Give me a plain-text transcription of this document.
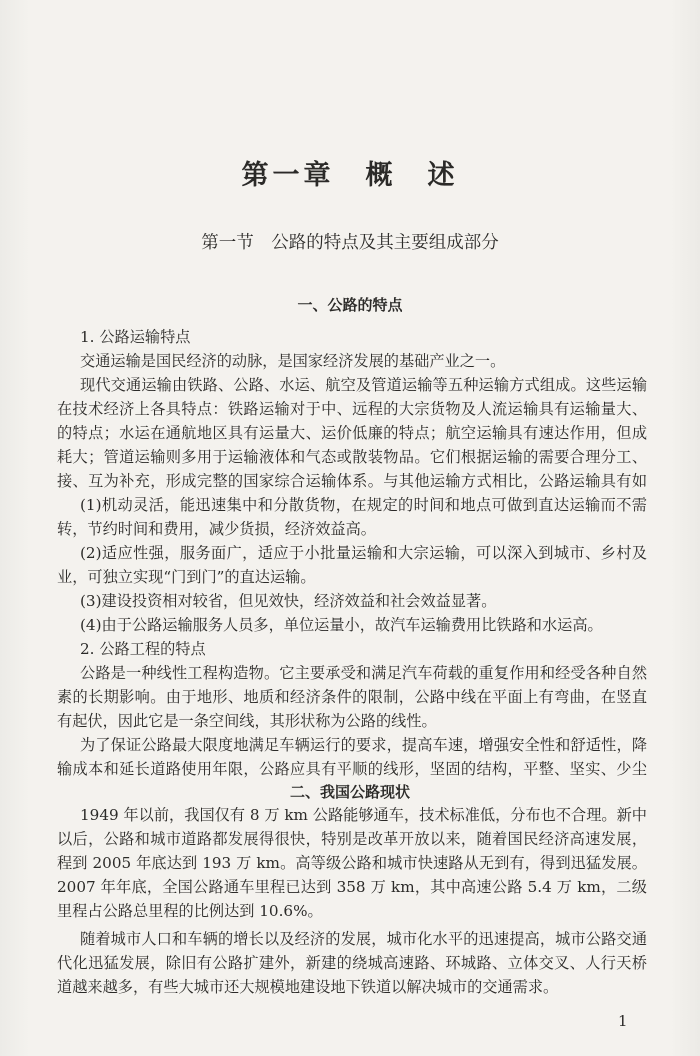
第一章　概　述
第一节　公路的特点及其主要组成部分
一、公路的特点
二、我国公路现状
1. 公路运输特点
交通运输是国民经济的动脉，是国家经济发展的基础产业之一。
现代交通运输由铁路、公路、水运、航空及管道运输等五种运输方式组成。这些运输
在技术经济上各具特点：铁路运输对于中、远程的大宗货物及人流运输具有运输量大、
的特点；水运在通航地区具有运量大、运价低廉的特点；航空运输具有速达作用，但成
耗大；管道运输则多用于运输液体和气态或散装物品。它们根据运输的需要合理分工、
接、互为补充，形成完整的国家综合运输体系。与其他运输方式相比，公路运输具有如
(1)机动灵活，能迅速集中和分散货物，在规定的时间和地点可做到直达运输而不需
转，节约时间和费用，减少货损，经济效益高。
(2)适应性强，服务面广，适应于小批量运输和大宗运输，可以深入到城市、乡村及
业，可独立实现“门到门”的直达运输。
(3)建设投资相对较省，但见效快，经济效益和社会效益显著。
(4)由于公路运输服务人员多，单位运量小，故汽车运输费用比铁路和水运高。
2. 公路工程的特点
公路是一种线性工程构造物。它主要承受和满足汽车荷载的重复作用和经受各种自然
素的长期影响。由于地形、地质和经济条件的限制，公路中线在平面上有弯曲，在竖直
有起伏，因此它是一条空间线，其形状称为公路的线性。
为了保证公路最大限度地满足车辆运行的要求，提高车速，增强安全性和舒适性，降
输成本和延长道路使用年限，公路应具有平顺的线形，坚固的结构，平整、坚实、少尘
1949 年以前，我国仅有 8 万 km 公路能够通车，技术标准低，分布也不合理。新中
以后，公路和城市道路都发展得很快，特别是改革开放以来，随着国民经济高速发展，
程到 2005 年底达到 193 万 km。高等级公路和城市快速路从无到有，得到迅猛发展。
2007 年年底，全国公路通车里程已达到 358 万 km，其中高速公路 5.4 万 km，二级
里程占公路总里程的比例达到 10.6%。
随着城市人口和车辆的增长以及经济的发展，城市化水平的迅速提高，城市公路交通
代化迅猛发展，除旧有公路扩建外，新建的绕城高速路、环城路、立体交叉、人行天桥
道越来越多，有些大城市还大规模地建设地下铁道以解决城市的交通需求。
1
